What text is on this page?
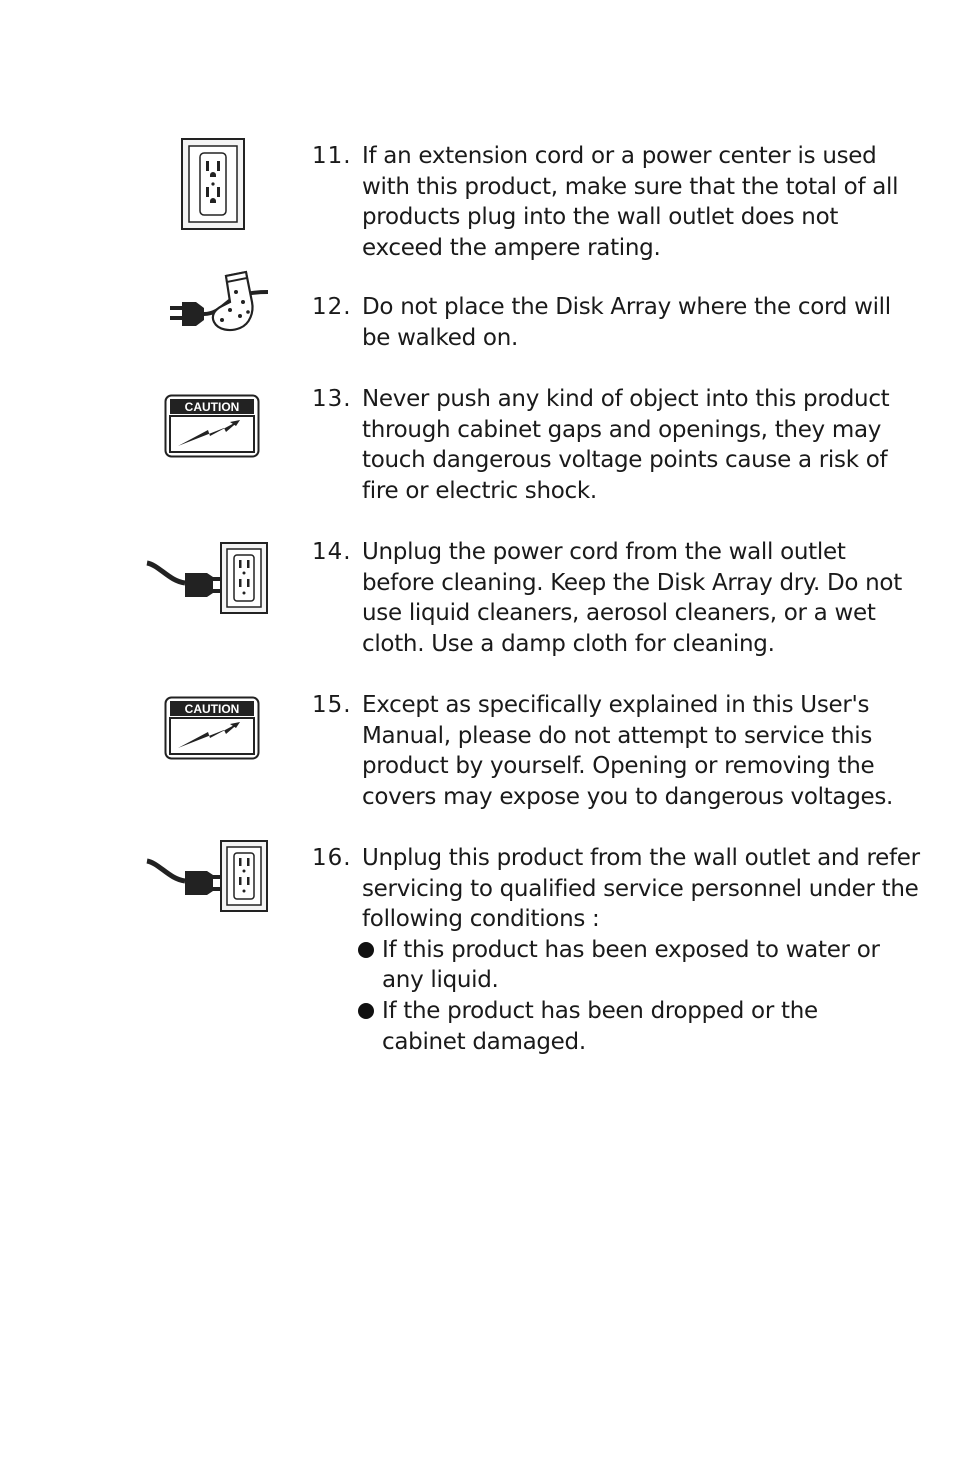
11. If an extension cord or a power center is used
with this product, make sure that the total of all
products plug into the wall outlet does not
exceed the ampere rating.
12. Do not place the Disk Array where the cord will
be walked on.
CAUTION	13. Never push any kind of object into this product
through cabinet gaps and openings, they may
touch dangerous voltage points cause a risk of
fire or electric shock.
14. Unplug the power cord from the wall outlet
before cleaning. Keep the Disk Array dry. Do not
use liquid cleaners, aerosol cleaners, or a wet
cloth. Use a damp cloth for cleaning.
CAUTION	15. Except as specifically explained in this User's
Manual, please do not attempt to service this
product by yourself. Opening or removing the
covers may expose you to dangerous voltages.
16. Unplug this product from the wall outlet and refer
servicing to qualified service personnel under the
following conditions :
If this product has been exposed to water or
any liquid.
If the product has been dropped or the
cabinet damaged.
